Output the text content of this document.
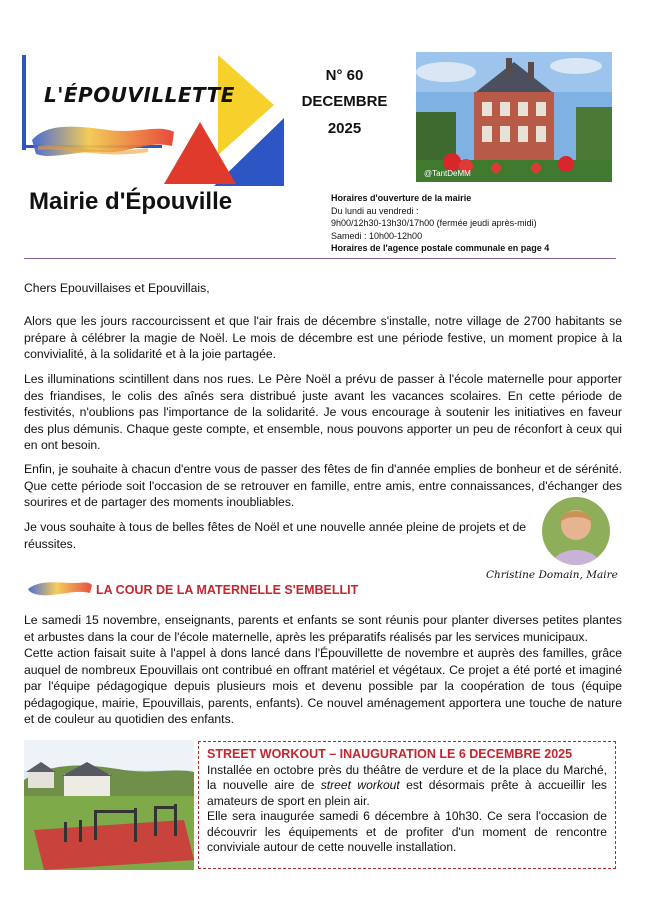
L'ÉPOUVILLETTE
Mairie d'Épouville
N° 60
DECEMBRE
2025
@TantDeMM
Horaires d'ouverture de la mairie
Du lundi au vendredi :
9h00/12h30-13h30/17h00 (fermée jeudi après-midi)
Samedi : 10h00-12h00
Horaires de l'agence postale communale en page 4
Chers Epouvillaises et Epouvillais,
Alors que les jours raccourcissent et que l'air frais de décembre s'installe, notre village de 2700 habitants se prépare à célébrer la magie de Noël. Le mois de décembre est une période festive, un moment propice à la convivialité, à la solidarité et à la joie partagée.
Les illuminations scintillent dans nos rues. Le Père Noël a prévu de passer à l'école maternelle pour apporter des friandises, le colis des aînés sera distribué juste avant les vacances scolaires. En cette période de festivités, n'oublions pas l'importance de la solidarité. Je vous encourage à soutenir les initiatives en faveur des plus démunis. Chaque geste compte, et ensemble, nous pouvons apporter un peu de réconfort à ceux qui en ont besoin.
Enfin, je souhaite à chacun d'entre vous de passer des fêtes de fin d'année emplies de bonheur et de sérénité. Que cette période soit l'occasion de se retrouver en famille, entre amis, entre connaissances, d'échanger des sourires et de partager des moments inoubliables.
Je vous souhaite à tous de belles fêtes de Noël et une nouvelle année pleine de projets et de réussites.
Christine Domain, Maire
LA COUR DE LA MATERNELLE S'EMBELLIT
Le samedi 15 novembre, enseignants, parents et enfants se sont réunis pour planter diverses petites plantes et arbustes dans la cour de l'école maternelle, après les préparatifs réalisés par les services municipaux.
Cette action faisait suite à l'appel à dons lancé dans l'Épouvillette de novembre et auprès des familles, grâce auquel de nombreux Epouvillais ont contribué en offrant matériel et végétaux. Ce projet a été porté et imaginé par l'équipe pédagogique depuis plusieurs mois et devenu possible par la coopération de tous (équipe pédagogique, mairie, Epouvillais, parents, enfants). Ce nouvel aménagement apportera une touche de nature et de couleur au quotidien des enfants.
STREET WORKOUT – INAUGURATION LE 6 DECEMBRE 2025
Installée en octobre près du théâtre de verdure et de la place du Marché, la nouvelle aire de street workout est désormais prête à accueillir les amateurs de sport en plein air.
Elle sera inaugurée samedi 6 décembre à 10h30. Ce sera l'occasion de découvrir les équipements et de profiter d'un moment de rencontre conviviale autour de cette nouvelle installation.
